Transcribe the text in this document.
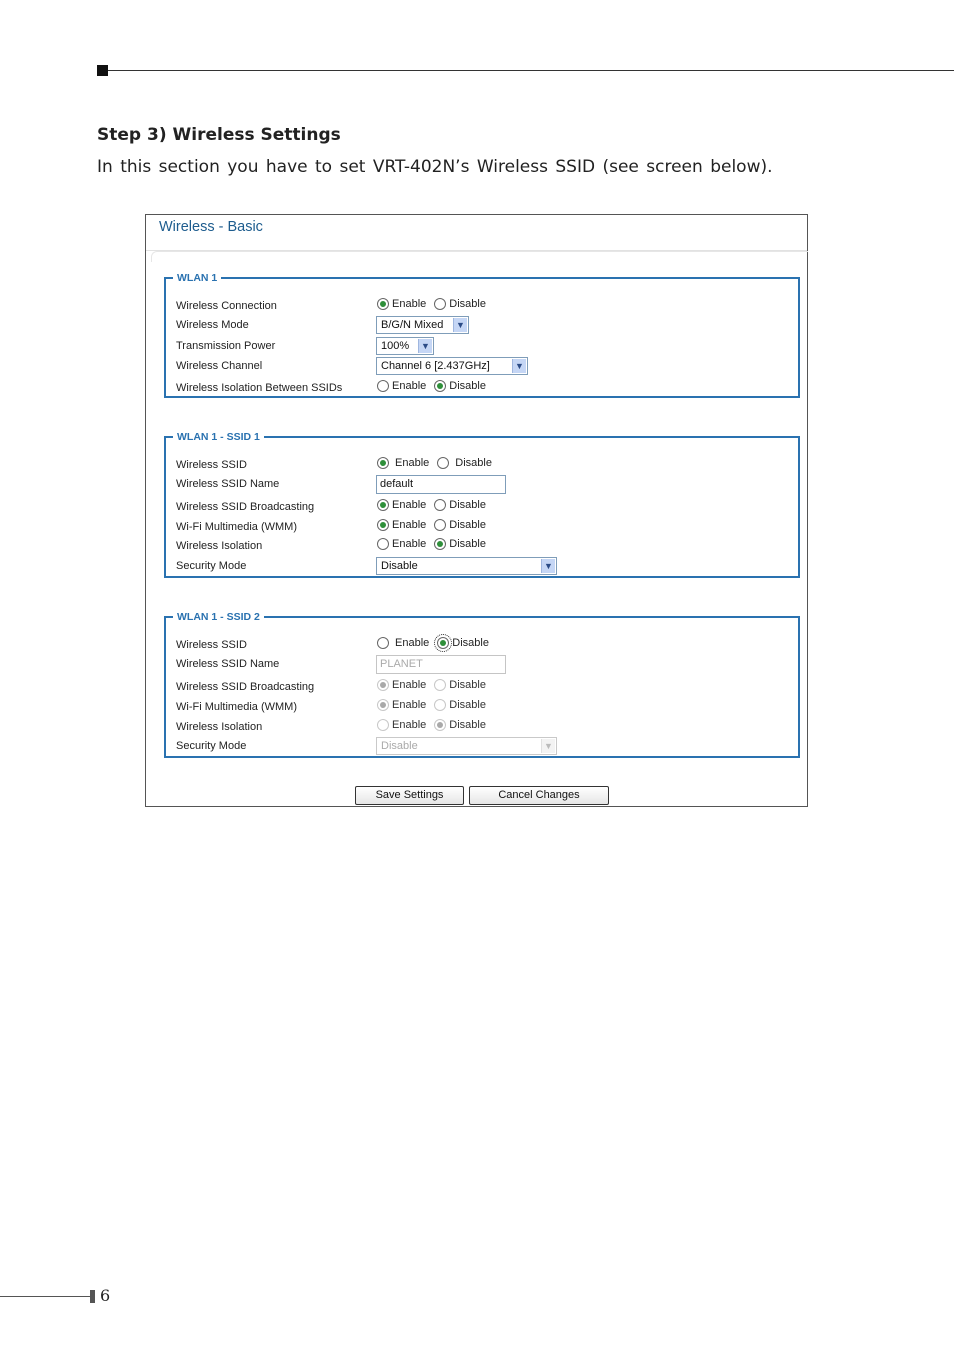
Step 3) Wireless Settings
In this section you have to set VRT-402N’s Wireless SSID (see screen below).
Wireless - Basic
WLAN 1
Wireless Connection	Enable Disable
Wireless Mode	B/G/N Mixed	▼
Transmission Power	100%	▼
Wireless Channel	Channel 6 [2.437GHz]	▼
Wireless Isolation Between SSIDs	Enable Disable
WLAN 1 - SSID 1
Wireless SSID	Enable Disable
Wireless SSID Name	default
Wireless SSID Broadcasting	Enable Disable
Wi-Fi Multimedia (WMM)	Enable Disable
Wireless Isolation	Enable Disable
Security Mode	Disable	▼
WLAN 1 - SSID 2
Wireless SSID	Enable Disable
Wireless SSID Name	PLANET
Wireless SSID Broadcasting	Enable Disable
Wi-Fi Multimedia (WMM)	Enable Disable
Wireless Isolation	Enable Disable
Security Mode	Disable	▼
Save Settings	Cancel Changes
6
